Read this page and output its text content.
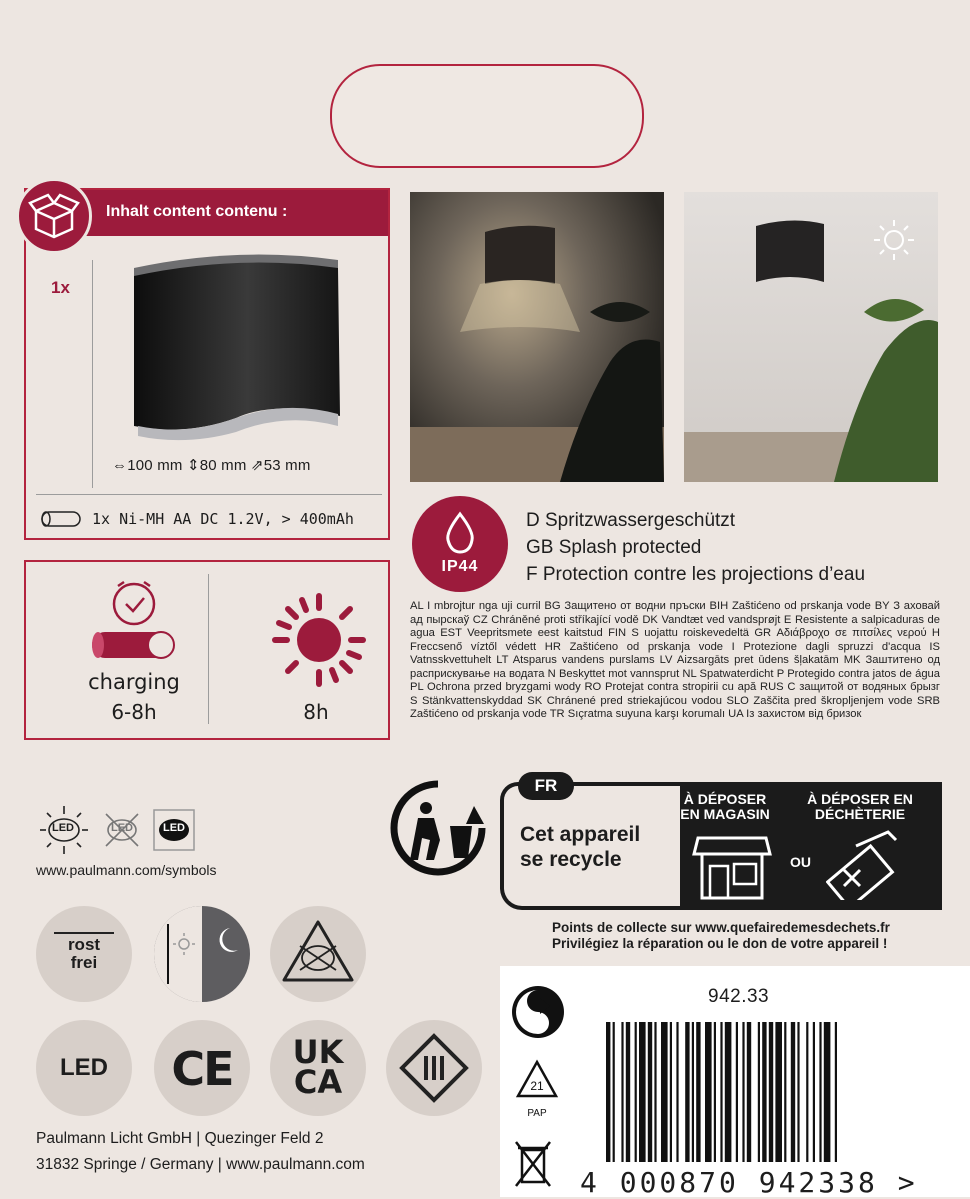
Inhalt content contenu :
1x
⇔100 mm ⇕80 mm ⇗53 mm
1x Ni-MH AA DC 1.2V, > 400mAh
charging
6-8h	8h
IP44
D Spritzwassergeschützt
GB Splash protected
F Protection contre les projections d’eau
AL I mbrojtur nga uji curril BG Защитено от водни пръски BIH Zaštićeno od prskanja vode BY З аховай ад пырскаў CZ Chráněné proti stříkající vodě DK Vandtæt ved vandsprøjt E Resistente a salpicaduras de agua EST Veepritsmete eest kaitstud FIN S uojattu roiskevedeltä GR Αδιάβροχο σε πιτσίλες νερού H Freccsenő víztől védett HR Zaštićeno od prskanja vode I Protezione dagli spruzzi d'acqua IS Vatnsskvettuhelt LT Atsparus vandens purslams LV Aizsargāts pret ūdens šļakatām MK Заштитено од расприскување на водата N Beskyttet mot vannsprut NL Spatwaterdicht P Protegido contra jatos de água PL Ochrona przed bryzgami wody RO Protejat contra stropirii cu apă RUS С защитой от водяных брызг S Stänkvattenskyddad SK Chránené pred striekajúcou vodou SLO Zaščita pred škropljenjem vode SRB Zaštićeno od prskanja vode TR Sıçratma suyuna karşı korumalı UA Із захистом від бризок
LED	LED	LED
www.paulmann.com/symbols
rost
frei
LED	CE	UK
CA
Paulmann Licht GmbH | Quezinger Feld 2
31832 Springe / Germany | www.paulmann.com
FR
Cet appareil
se recycle
À DÉPOSER EN MAGASIN
À DÉPOSER EN DÉCHÈTERIE
OU
Points de collecte sur www.quefairedemesdechets.fr
Privilégiez la réparation ou le don de votre appareil !
942.33
21
PAP
4 000870 942338 >
